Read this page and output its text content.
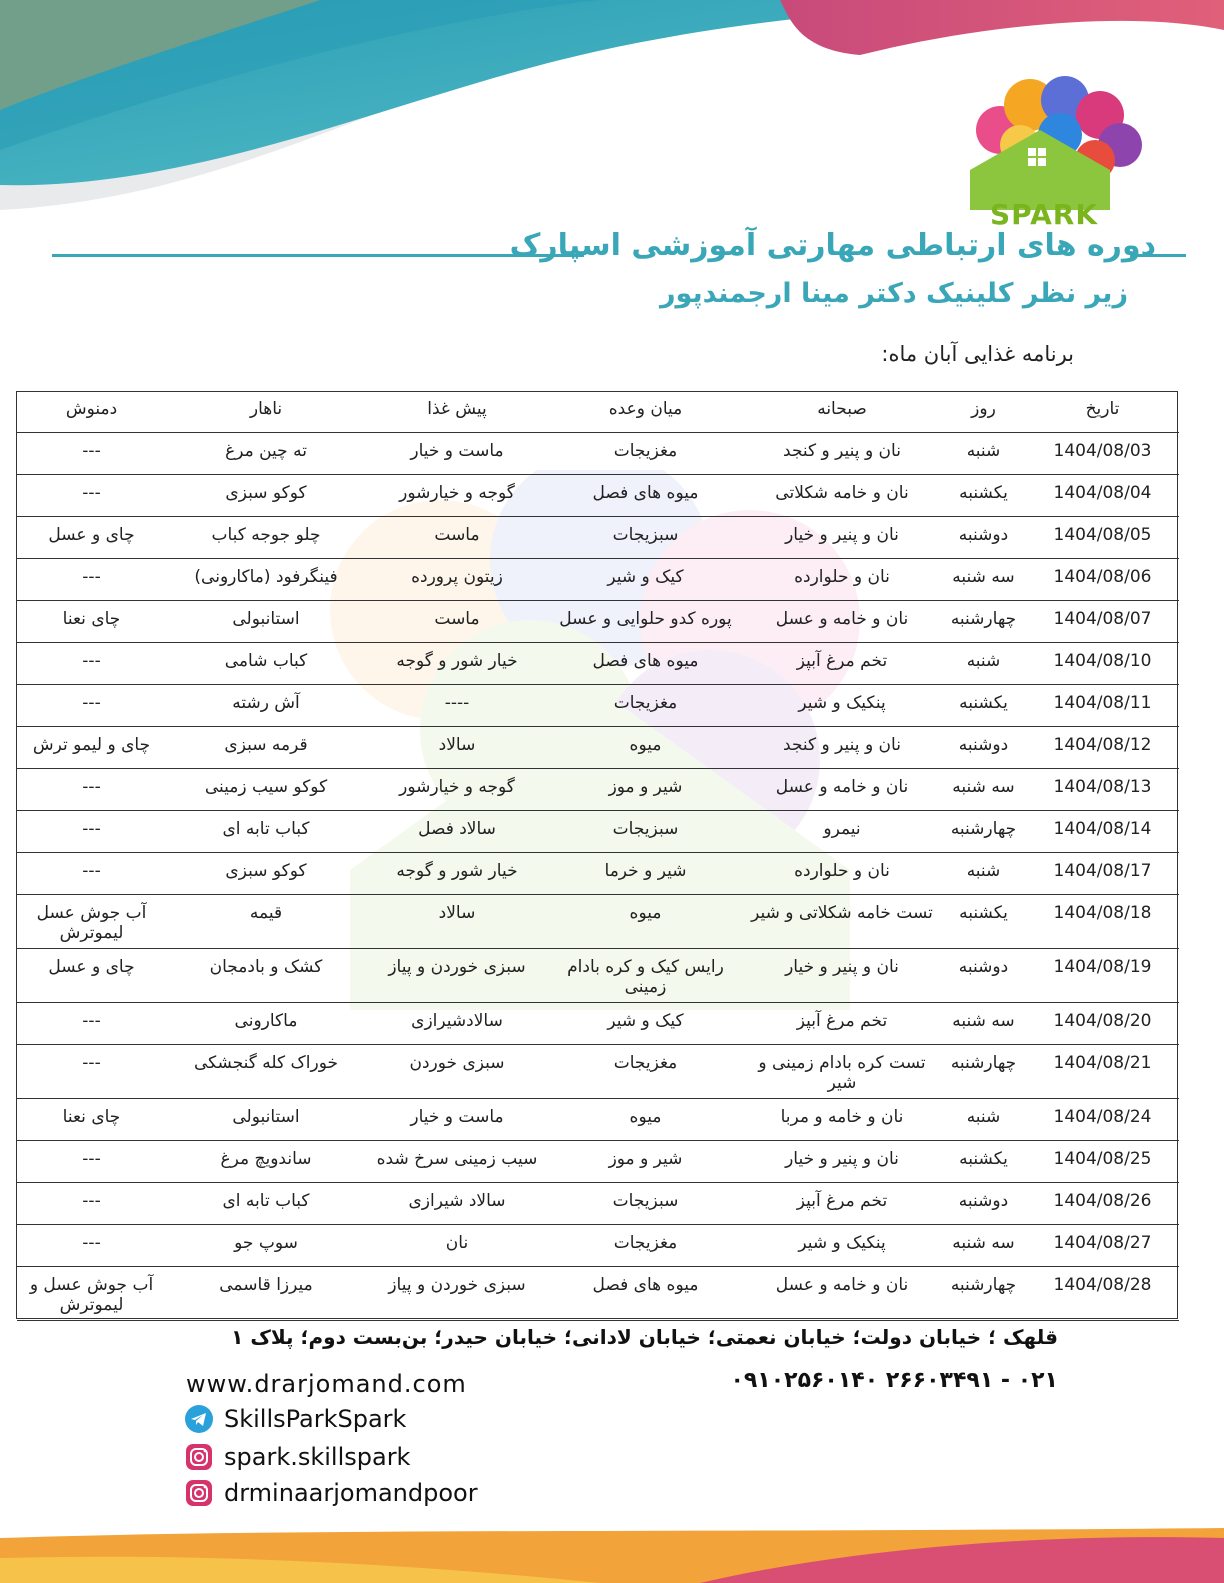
SPARK
دوره های ارتباطی مهارتی آموزشی اسپارک
زیر نظر کلینیک دکتر مینا ارجمندپور
برنامه غذایی آبان ماه:
تاریخ	روز	صبحانه	میان وعده	پیش غذا	ناهار	دمنوش
1404/08/03	شنبه	نان و پنیر و کنجد	مغزیجات	ماست و خیار	ته چین مرغ	---
1404/08/04	یکشنبه	نان و خامه شکلاتی	میوه های فصل	گوجه و خیارشور	کوکو سبزی	---
1404/08/05	دوشنبه	نان و پنیر و خیار	سبزیجات	ماست	چلو جوجه کباب	چای و عسل
1404/08/06	سه شنبه	نان و حلوارده	کیک و شیر	زیتون پرورده	فینگرفود (ماکارونی)	---
1404/08/07	چهارشنبه	نان و خامه و عسل	پوره کدو حلوایی و عسل	ماست	استانبولی	چای نعنا
1404/08/10	شنبه	تخم مرغ آبپز	میوه های فصل	خیار شور و گوجه	کباب شامی	---
1404/08/11	یکشنبه	پنکیک و شیر	مغزیجات	----	آش رشته	---
1404/08/12	دوشنبه	نان و پنیر و کنجد	میوه	سالاد	قرمه سبزی	چای و لیمو ترش
1404/08/13	سه شنبه	نان و خامه و عسل	شیر و موز	گوجه و خیارشور	کوکو سیب زمینی	---
1404/08/14	چهارشنبه	نیمرو	سبزیجات	سالاد فصل	کباب تابه ای	---
1404/08/17	شنبه	نان و حلوارده	شیر و خرما	خیار شور و گوجه	کوکو سبزی	---
1404/08/18	یکشنبه	تست خامه شکلاتی و شیر	میوه	سالاد	قیمه	آب جوش عسل لیموترش
1404/08/19	دوشنبه	نان و پنیر و خیار	رایس کیک و کره بادام زمینی	سبزی خوردن و پیاز	کشک و بادمجان	چای و عسل
1404/08/20	سه شنبه	تخم مرغ آبپز	کیک و شیر	سالادشیرازی	ماکارونی	---
1404/08/21	چهارشنبه	تست کره بادام زمینی و شیر	مغزیجات	سبزی خوردن	خوراک کله گنجشکی	---
1404/08/24	شنبه	نان و خامه و مربا	میوه	ماست و خیار	استانبولی	چای نعنا
1404/08/25	یکشنبه	نان و پنیر و خیار	شیر و موز	سیب زمینی سرخ شده	ساندویچ مرغ	---
1404/08/26	دوشنبه	تخم مرغ آبپز	سبزیجات	سالاد شیرازی	کباب تابه ای	---
1404/08/27	سه شنبه	پنکیک و شیر	مغزیجات	نان	سوپ جو	---
1404/08/28	چهارشنبه	نان و خامه و عسل	میوه های فصل	سبزی خوردن و پیاز	میرزا قاسمی	آب جوش عسل و لیموترش
قلهک ؛ خیابان دولت؛ خیابان نعمتی؛ خیابان لادانی؛ خیابان حیدر؛ بن‌بست دوم؛ پلاک ۱
۰۲۱ - ۲۶۶۰۳۴۹۱ ۰۹۱۰۲۵۶۰۱۴۰
www.drarjomand.com
SkillsParkSpark
spark.skillspark
drminaarjomandpoor
